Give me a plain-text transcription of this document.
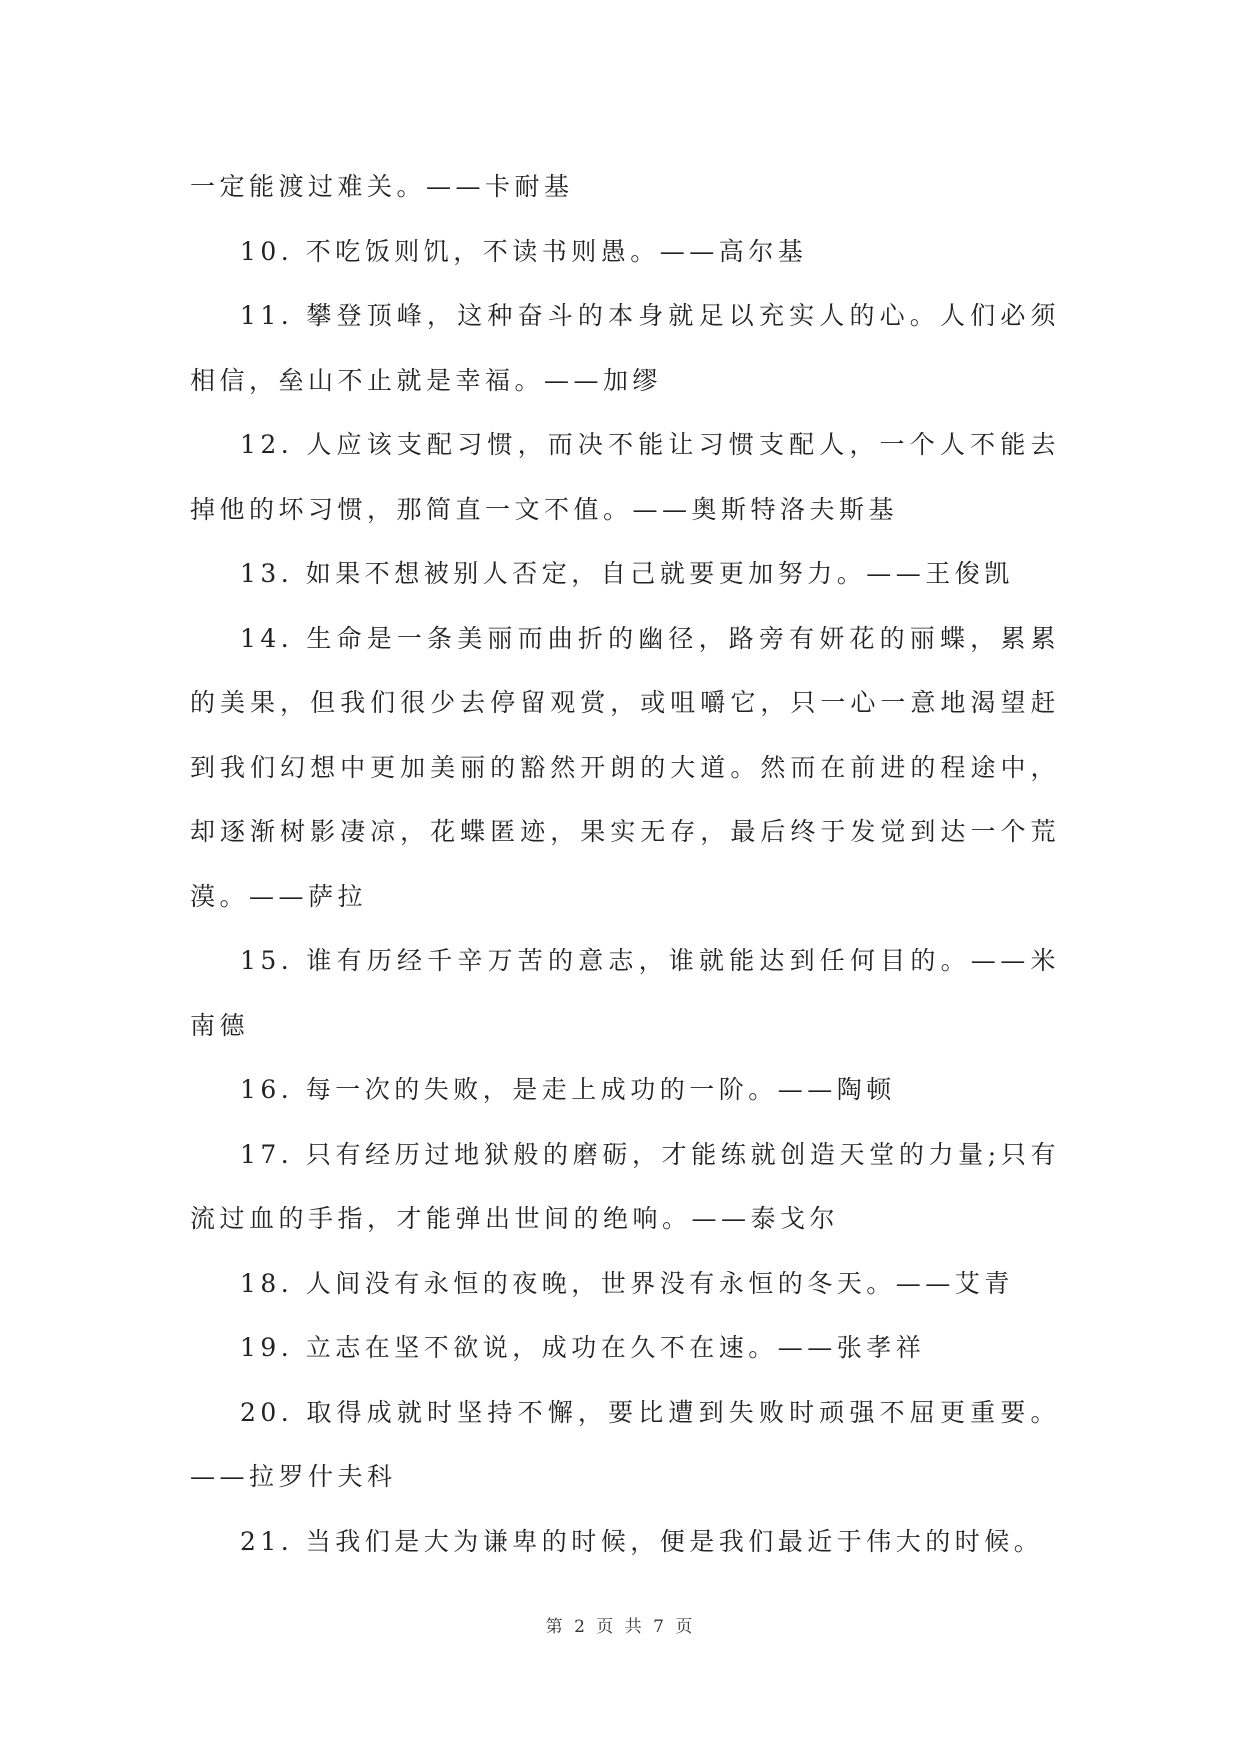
一定能渡过难关。——卡耐基

10. 不吃饭则饥，不读书则愚。——高尔基

11. 攀登顶峰，这种奋斗的本身就足以充实人的心。人们必须相信，垒山不止就是幸福。——加缪

12. 人应该支配习惯，而决不能让习惯支配人，一个人不能去掉他的坏习惯，那简直一文不值。——奥斯特洛夫斯基

13. 如果不想被别人否定，自己就要更加努力。——王俊凯

14. 生命是一条美丽而曲折的幽径，路旁有妍花的丽蝶，累累的美果，但我们很少去停留观赏，或咀嚼它，只一心一意地渴望赶到我们幻想中更加美丽的豁然开朗的大道。然而在前进的程途中，却逐渐树影凄凉，花蝶匿迹，果实无存，最后终于发觉到达一个荒漠。——萨拉

15. 谁有历经千辛万苦的意志，谁就能达到任何目的。——米南德

16. 每一次的失败，是走上成功的一阶。——陶顿

17. 只有经历过地狱般的磨砺，才能练就创造天堂的力量;只有流过血的手指，才能弹出世间的绝响。——泰戈尔

18. 人间没有永恒的夜晚，世界没有永恒的冬天。——艾青

19. 立志在坚不欲说，成功在久不在速。——张孝祥

20. 取得成就时坚持不懈，要比遭到失败时顽强不屈更重要。——拉罗什夫科

21. 当我们是大为谦卑的时候，便是我们最近于伟大的时候。

第 2 页 共 7 页
